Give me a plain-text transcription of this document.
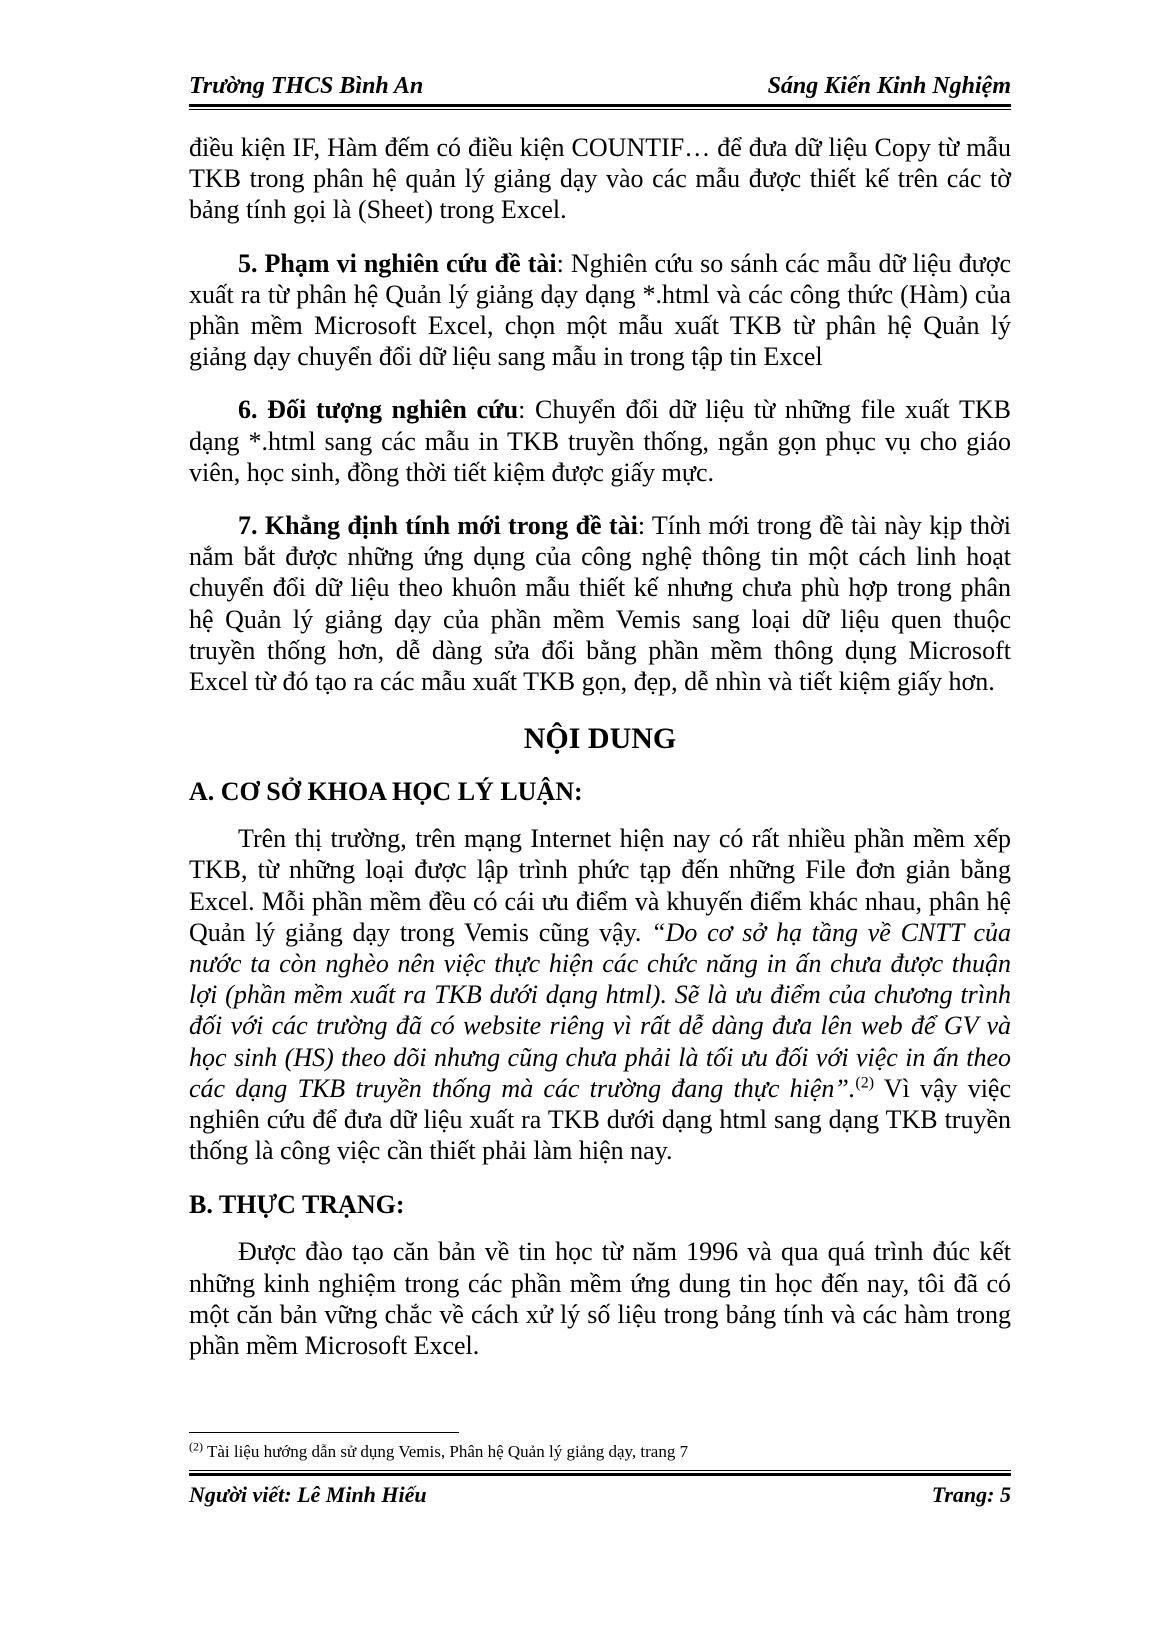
Trường THCS Bình An	Sáng Kiến Kinh Nghiệm

điều kiện IF, Hàm đếm có điều kiện COUNTIF… để đưa dữ liệu Copy từ mẫu TKB trong phân hệ quản lý giảng dạy vào các mẫu được thiết kế trên các tờ bảng tính gọi là (Sheet) trong Excel.

5. Phạm vi nghiên cứu đề tài: Nghiên cứu so sánh các mẫu dữ liệu được xuất ra từ phân hệ Quản lý giảng dạy dạng *.html và các công thức (Hàm) của phần mềm Microsoft Excel, chọn một mẫu xuất TKB từ phân hệ Quản lý giảng dạy chuyển đổi dữ liệu sang mẫu in trong tập tin Excel

6. Đối tượng nghiên cứu: Chuyển đổi dữ liệu từ những file xuất TKB dạng *.html sang các mẫu in TKB truyền thống, ngắn gọn phục vụ cho giáo viên, học sinh, đồng thời tiết kiệm được giấy mực.

7. Khẳng định tính mới trong đề tài: Tính mới trong đề tài này kịp thời nắm bắt được những ứng dụng của công nghệ thông tin một cách linh hoạt chuyển đổi dữ liệu theo khuôn mẫu thiết kế nhưng chưa phù hợp trong phân hệ Quản lý giảng dạy của phần mềm Vemis sang loại dữ liệu quen thuộc truyền thống hơn, dễ dàng sửa đổi bằng phần mềm thông dụng Microsoft Excel từ đó tạo ra các mẫu xuất TKB gọn, đẹp, dễ nhìn và tiết kiệm giấy hơn.

NỘI DUNG
A. CƠ SỞ KHOA HỌC LÝ LUẬN:

Trên thị trường, trên mạng Internet hiện nay có rất nhiều phần mềm xếp TKB, từ những loại được lập trình phức tạp đến những File đơn giản bằng Excel. Mỗi phần mềm đều có cái ưu điểm và khuyến điểm khác nhau, phân hệ Quản lý giảng dạy trong Vemis cũng vậy. “Do cơ sở hạ tầng về CNTT của nước ta còn nghèo nên việc thực hiện các chức năng in ấn chưa được thuận lợi (phần mềm xuất ra TKB dưới dạng html). Sẽ là ưu điểm của chương trình đối với các trường đã có website riêng vì rất dễ dàng đưa lên web để GV và học sinh (HS) theo dõi nhưng cũng chưa phải là tối ưu đối với việc in ấn theo các dạng TKB truyền thống mà các trường đang thực hiện”.$^{(2)}$ Vì vậy việc nghiên cứu để đưa dữ liệu xuất ra TKB dưới dạng html sang dạng TKB truyền thống là công việc cần thiết phải làm hiện nay.

B. THỰC TRẠNG:

Được đào tạo căn bản về tin học từ năm 1996 và qua quá trình đúc kết những kinh nghiệm trong các phần mềm ứng dung tin học đến nay, tôi đã có một căn bản vững chắc về cách xử lý số liệu trong bảng tính và các hàm trong phần mềm Microsoft Excel.

$^{(2)}$ Tài liệu hướng dẫn sử dụng Vemis, Phân hệ Quản lý giảng dạy, trang 7
Người viết: Lê Minh Hiếu	Trang: 5
